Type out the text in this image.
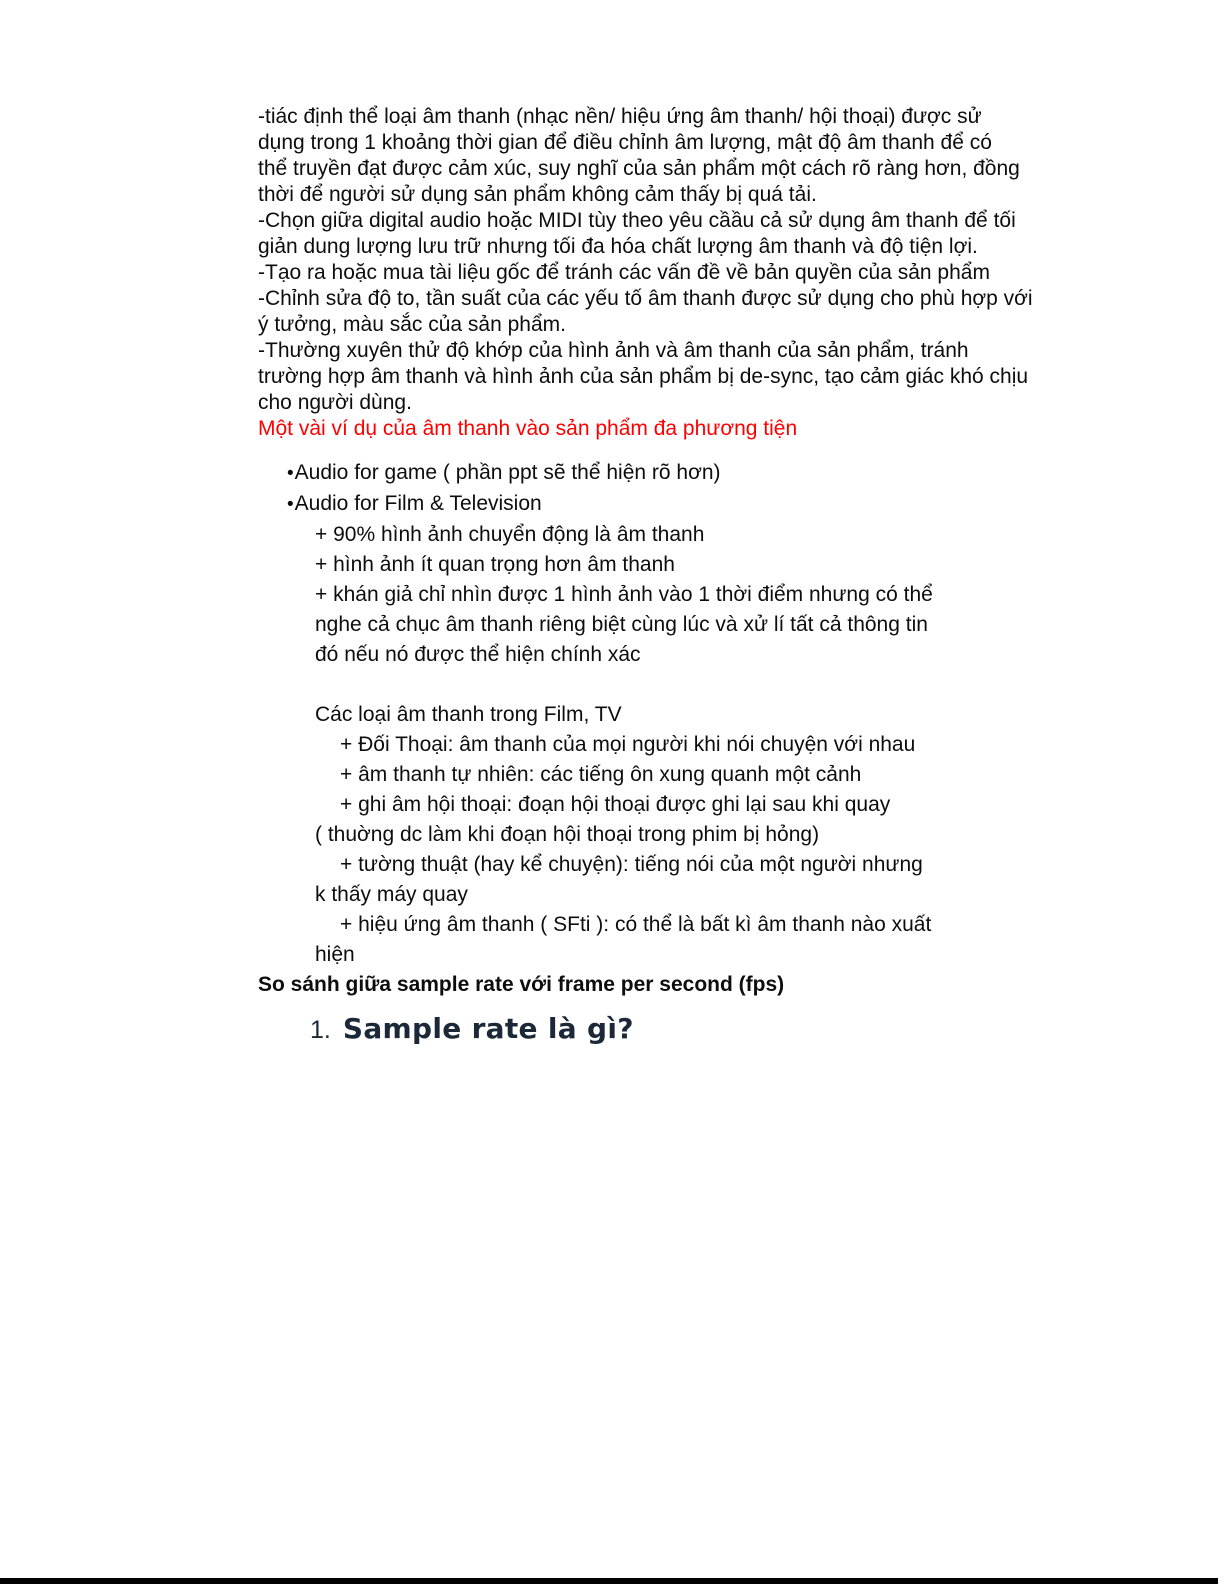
-tiác định thể loại âm thanh (nhạc nền/ hiệu ứng âm thanh/ hội thoại) được sử
dụng trong 1 khoảng thời gian để điều chỉnh âm lượng, mật độ âm thanh để có
thể truyền đạt được cảm xúc, suy nghĩ của sản phẩm một cách rõ ràng hơn, đồng
thời để người sử dụng sản phẩm không cảm thấy bị quá tải.
-Chọn giữa digital audio hoặc MIDI tùy theo yêu cầầu cả sử dụng âm thanh để tối
giản dung lượng lưu trữ nhưng tối đa hóa chất lượng âm thanh và độ tiện lợi.
-Tạo ra hoặc mua tài liệu gốc để tránh các vấn đề về bản quyền của sản phẩm
-Chỉnh sửa độ to, tần suất của các yếu tố âm thanh được sử dụng cho phù hợp với
ý tưởng, màu sắc của sản phẩm.
-Thường xuyên thử độ khớp của hình ảnh và âm thanh của sản phẩm, tránh
trường hợp âm thanh và hình ảnh của sản phẩm bị de-sync, tạo cảm giác khó chịu
cho người dùng.
Một vài ví dụ của âm thanh vào sản phẩm đa phương tiện
•Audio for game ( phần ppt sẽ thể hiện rõ hơn)
•Audio for Film & Television
+ 90% hình ảnh chuyển động là âm thanh
+ hình ảnh ít quan trọng hơn âm thanh
+ khán giả chỉ nhìn được 1 hình ảnh vào 1 thời điểm nhưng có thể
nghe cả chục âm thanh riêng biệt cùng lúc và xử lí tất cả thông tin
đó nếu nó được thể hiện chính xác
Các loại âm thanh trong Film, TV
+ Đối Thoại: âm thanh của mọi người khi nói chuyện với nhau
+ âm thanh tự nhiên: các tiếng ôn xung quanh một cảnh
+ ghi âm hội thoại: đoạn hội thoại được ghi lại sau khi quay
( thuờng dc làm khi đoạn hội thoại trong phim bị hỏng)
+ tường thuật (hay kể chuyện): tiếng nói của một người nhưng
k thấy máy quay
+ hiệu ứng âm thanh ( SFti ): có thể là bất kì âm thanh nào xuất
hiện
So sánh giữa sample rate với frame per second (fps)
1. Sample rate là gì?
